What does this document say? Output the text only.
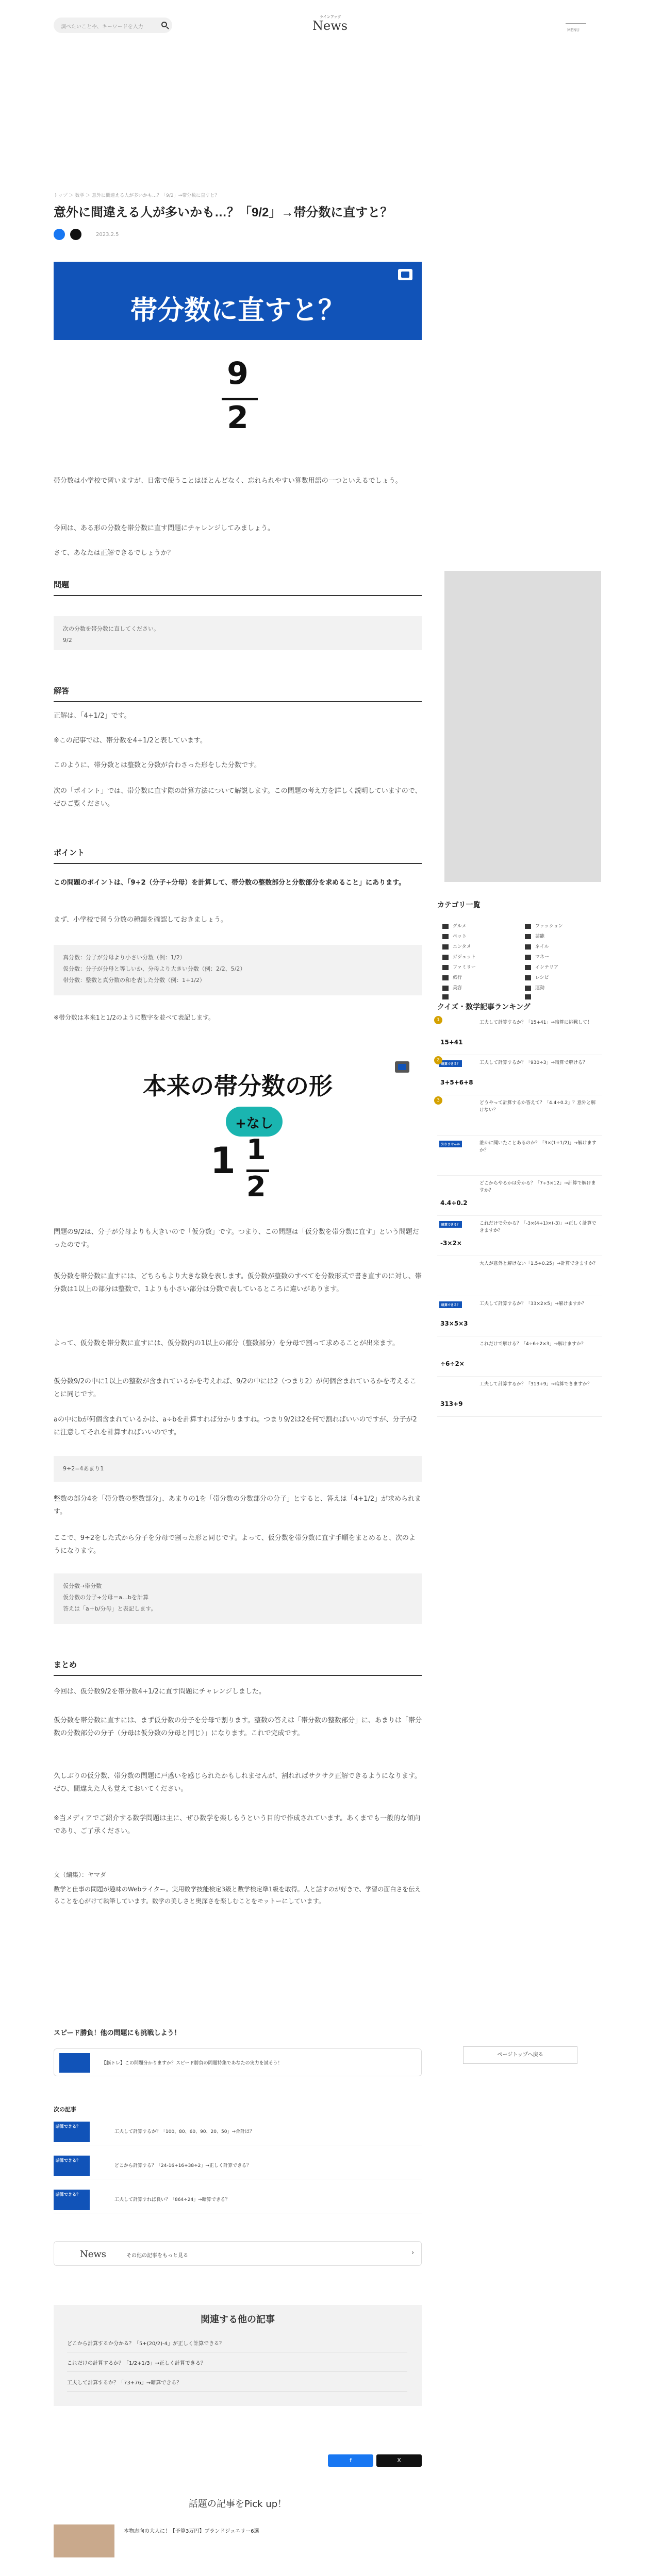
調べたいことや、キーワードを入力
ラインアップ
News	MENU
トップ ＞ 数学 ＞ 意外に間違える人が多いかも…？「9/2」→帯分数に直すと？
意外に間違える人が多いかも…？「9/2」→帯分数に直すと？
2023.2.5
帯分数に直すと？
9
2
帯分数は小学校で習いますが、日常で使うことはほとんどなく、忘れられやすい算数用語の一つといえるでしょう。
今回は、ある形の分数を帯分数に直す問題にチャレンジしてみましょう。
さて、あなたは正解できるでしょうか？
問題
次の分数を帯分数に直してください。
9/2
解答
正解は、「4+1/2」です。
※この記事では、帯分数を4+1/2と表しています。
このように、帯分数とは整数と分数が合わさった形をした分数です。
次の「ポイント」では、帯分数に直す際の計算方法について解説します。この問題の考え方を詳しく説明していますので、ぜひご覧ください。
ポイント
この問題のポイントは、「9÷2（分子÷分母）を計算して、帯分数の整数部分と分数部分を求めること」にあります。
まず、小学校で習う分数の種類を確認しておきましょう。
真分数：分子が分母より小さい分数（例：1/2）
仮分数：分子が分母と等しいか、分母より大きい分数（例：2/2、5/2）
帯分数：整数と真分数の和を表した分数（例：1+1/2）
※帯分数は本来1と1/2のように数字を並べて表記します。
本来の帯分数の形
+なし
1 1
2
問題の9/2は、分子が分母よりも大きいので「仮分数」です。つまり、この問題は「仮分数を帯分数に直す」という問題だったのです。
仮分数を帯分数に直すには、どちらもより大きな数を表します。仮分数が整数のすべてを分数形式で書き直すのに対し、帯分数は1以上の部分は整数で、1よりも小さい部分は分数で表しているところに違いがあります。
よって、仮分数を帯分数に直すには、仮分数内の1以上の部分（整数部分）を分母で割って求めることが出来ます。
仮分数9/2の中に1以上の整数が含まれているかを考えれば、9/2の中には2（つまり2）が何個含まれているかを考えることに同じです。
aの中にbが何個含まれているかは、a÷bを計算すれば分かりますね。つまり9/2は2を何で割ればいいのですが、分子が2に注意してそれを計算すればいいのです。
9÷2=4あまり1
整数の部分4を「帯分数の整数部分」、あまりの1を「帯分数の分数部分の分子」とすると、答えは「4+1/2」が求められます。
ここで、9÷2をした式から分子を分母で割った形と同じです。よって、仮分数を帯分数に直す手順をまとめると、次のようになります。
仮分数→帯分数
仮分数の分子÷分母＝a…bを計算
答えは「a＋b/分母」と表記します。
まとめ
今回は、仮分数9/2を帯分数4+1/2に直す問題にチャレンジしました。
仮分数を帯分数に直すには、まず仮分数の分子を分母で割ります。整数の答えは「帯分数の整数部分」に、あまりは「帯分数の分数部分の分子（分母は仮分数の分母と同じ）」になります。これで完成です。
久しぶりの仮分数、帯分数の問題に戸惑いを感じられたかもしれませんが、割れればサクサク正解できるようになります。ぜひ、間違えた人も覚えておいてください。
※当メディアでご紹介する数学問題は主に、ぜひ数学を楽しもうという目的で作成されています。あくまでも一般的な傾向であり、ご了承ください。
文（編集）：ヤマダ
数学と仕事の問題が趣味のWebライター。実用数学技能検定3級と数学検定準1級を取得。人と話すのが好きで、学習の面白さを伝えることを心がけて執筆しています。数学の美しさと奥深さを楽しむことをモットーにしています。
カテゴリ一覧
グルメ	ファッション
ペット	芸能
エンタメ	ネイル
ガジェット	マネー
ファミリー	インテリア
旅行	レシピ
美容	運動
クイズ・数学記事ランキング
15+41
工夫して計算するか？「15+41」→暗算に挑戦して！
1
暗算できる？
3+5+6+8
工夫して計算するか？「930÷3」→暗算で解ける？
2
どうやって計算するか答えて？「4.4÷0.2」？意外と解けない？
3
知りませんか	誰かに聞いたことあるのか？「3×(1+1/2)」→解けますか？
4.4÷0.2
どこからやるかは分かる？「7÷3×12」→計算で解けますか？
暗算できる？
-3×2×
これだけで分かる？「-3×(4+1)×(-3)」→正しく計算できますか？
大人が意外と解けない「1.5÷0.25」→計算できますか？
暗算できる？
33×5×3
工夫して計算するか？「33×2×5」→解けますか？
÷6÷2×
これだけで解ける？「4÷6÷2×3」→解けますか？
313+9
工夫して計算するか？「313+9」→暗算できますか？
ページトップへ戻る
スピード勝負！他の問題にも挑戦しよう！
【脳トレ】この問題分かりますか？スピード勝負の問題特集であなたの実力を試そう！
次の記事
暗算できる？
工夫して計算するか？「100、80、60、90、20、50」→合計は？
暗算できる？
どこから計算する？「24-16+16+38÷2」→正しく計算できる？
暗算できる？
工夫して計算すれば良い？「864÷24」→暗算できる？
News	その他の記事をもっと見る	›
関連する他の記事
どこから計算するか分かる？「5+(20/2)-4」が正しく計算できる？
これだけの計算するか？「1/2+1/3」→正しく計算できる？
工夫して計算するか？「73+76」→暗算できる？
f	X
話題の記事をPick up！
本物志向の大人に！【予算3万円】ブランドジュエリー6選
